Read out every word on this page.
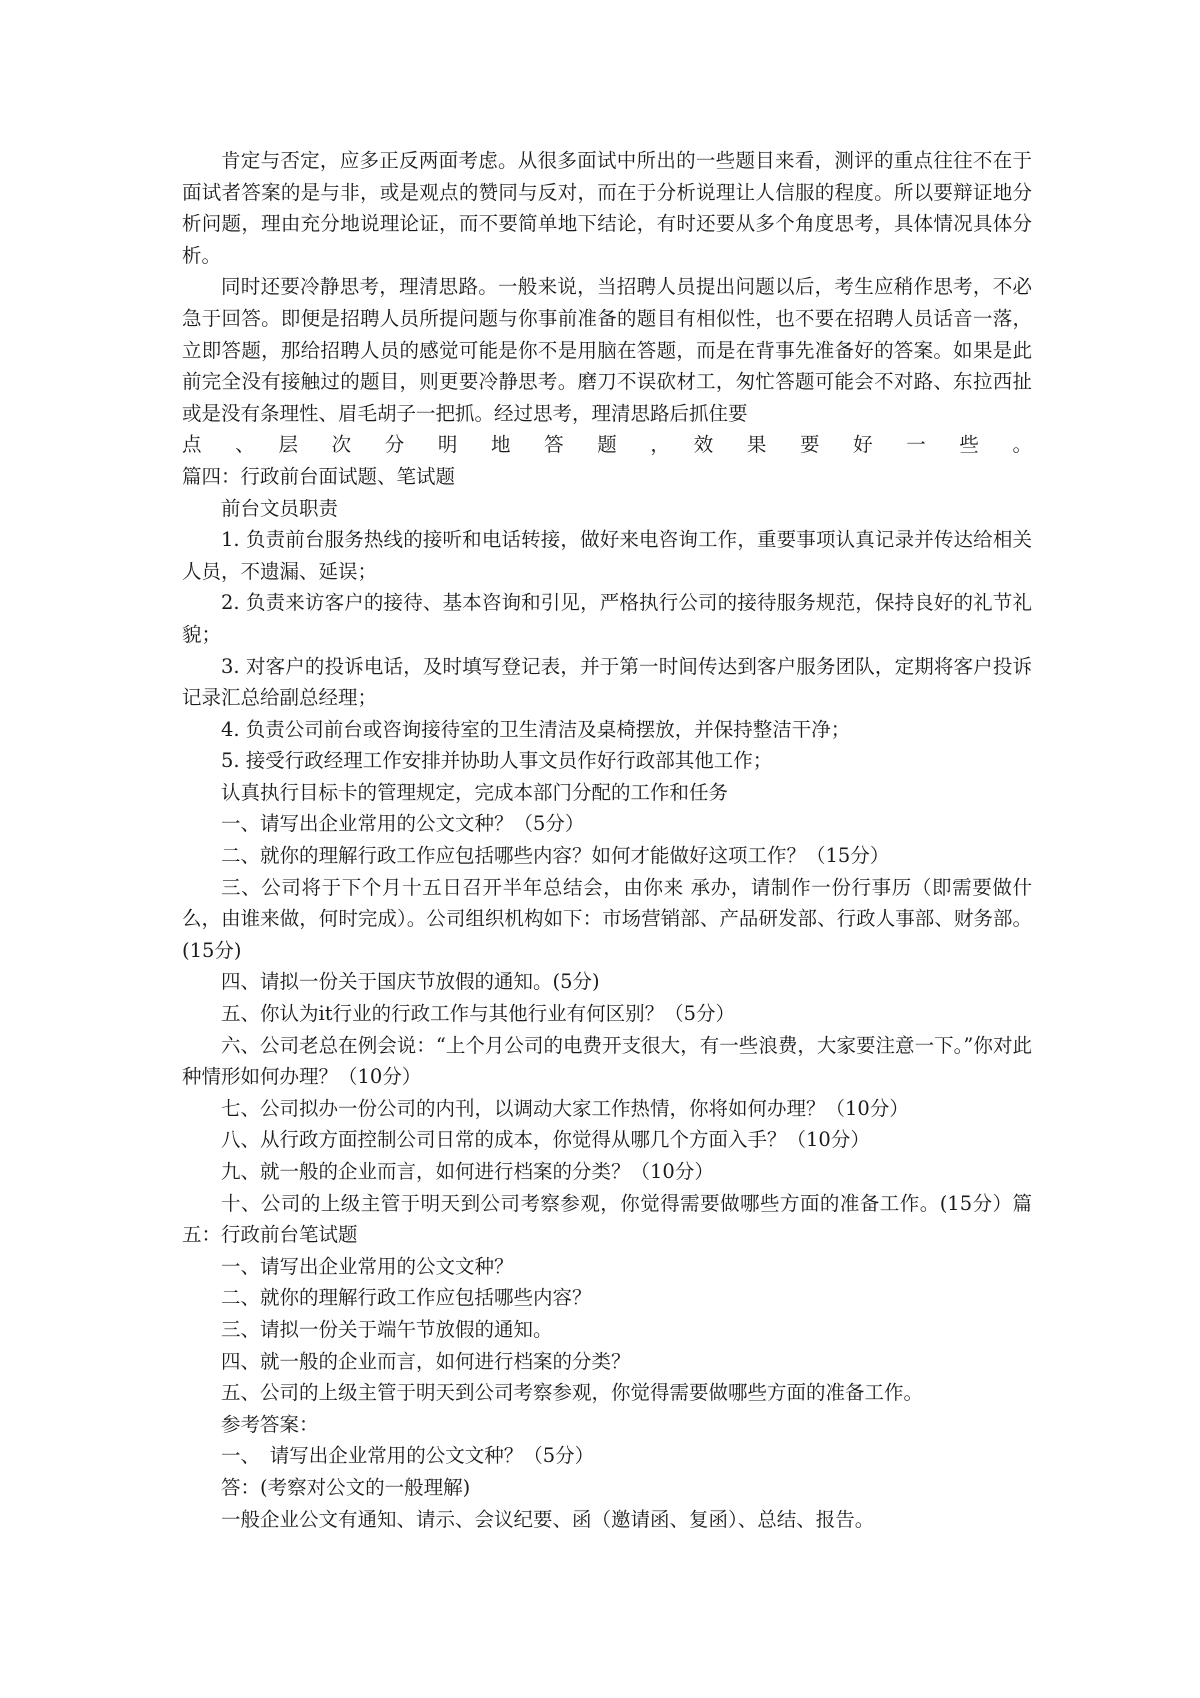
肯定与否定，应多正反两面考虑。从很多面试中所出的一些题目来看，测评的重点往往不在于面试者答案的是与非，或是观点的赞同与反对，而在于分析说理让人信服的程度。所以要辩证地分析问题，理由充分地说理论证，而不要简单地下结论，有时还要从多个角度思考，具体情况具体分析。

同时还要冷静思考，理清思路。一般来说，当招聘人员提出问题以后，考生应稍作思考，不必急于回答。即便是招聘人员所提问题与你事前准备的题目有相似性，也不要在招聘人员话音一落，立即答题，那给招聘人员的感觉可能是你不是用脑在答题，而是在背事先准备好的答案。如果是此前完全没有接触过的题目，则更要冷静思考。磨刀不误砍材工，匆忙答题可能会不对路、东拉西扯或是没有条理性、眉毛胡子一把抓。经过思考，理清思路后抓住要

点　、　层　次　分　明　地　答　题　，　效　果　要　好　一　些　。

篇四：行政前台面试题、笔试题

前台文员职责

1. 负责前台服务热线的接听和电话转接，做好来电咨询工作，重要事项认真记录并传达给相关人员，不遗漏、延误；

2. 负责来访客户的接待、基本咨询和引见，严格执行公司的接待服务规范，保持良好的礼节礼貌；

3. 对客户的投诉电话，及时填写登记表，并于第一时间传达到客户服务团队，定期将客户投诉记录汇总给副总经理；

4. 负责公司前台或咨询接待室的卫生清洁及桌椅摆放，并保持整洁干净；

5. 接受行政经理工作安排并协助人事文员作好行政部其他工作；

认真执行目标卡的管理规定，完成本部门分配的工作和任务

一、请写出企业常用的公文文种？（5分）

二、就你的理解行政工作应包括哪些内容？如何才能做好这项工作？（15分）

三、公司将于下个月十五日召开半年总结会，由你来 承办，请制作一份行事历（即需要做什么，由谁来做，何时完成）。公司组织机构如下：市场营销部、产品研发部、行政人事部、财务部。(15分)

四、请拟一份关于国庆节放假的通知。(5分)

五、你认为it行业的行政工作与其他行业有何区别？（5分）

六、公司老总在例会说：“上个月公司的电费开支很大，有一些浪费，大家要注意一下。”你对此种情形如何办理？（10分）

七、公司拟办一份公司的内刊，以调动大家工作热情，你将如何办理？（10分）

八、从行政方面控制公司日常的成本，你觉得从哪几个方面入手？（10分）

九、就一般的企业而言，如何进行档案的分类？（10分）

十、公司的上级主管于明天到公司考察参观，你觉得需要做哪些方面的准备工作。(15分）篇五：行政前台笔试题

一、请写出企业常用的公文文种？

二、就你的理解行政工作应包括哪些内容？

三、请拟一份关于端午节放假的通知。

四、就一般的企业而言，如何进行档案的分类？

五、公司的上级主管于明天到公司考察参观，你觉得需要做哪些方面的准备工作。

参考答案：

一、　请写出企业常用的公文文种？（5分）

答：(考察对公文的一般理解)

一般企业公文有通知、请示、会议纪要、函（邀请函、复函）、总结、报告。
